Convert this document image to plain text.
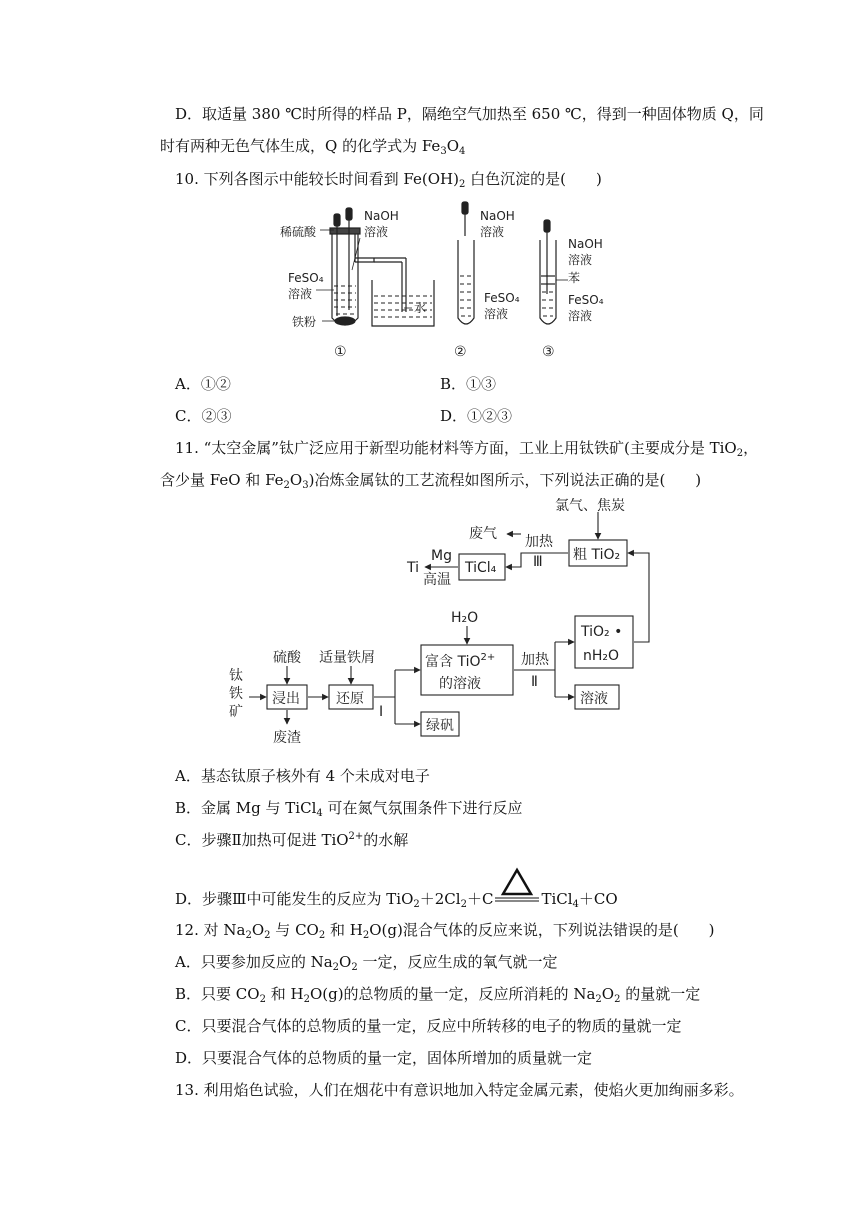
D．取适量 380 ℃时所得的样品 P，隔绝空气加热至 650 ℃，得到一种固体物质 Q，同
时有两种无色气体生成，Q 的化学式为 $Fe_3O_4$
10. 下列各图示中能较长时间看到 $Fe(OH)_2$ 白色沉淀的是(　　)
稀硫酸
NaOH
溶液
FeSO₄
溶液
铁粉
水
①
NaOH
溶液
FeSO₄
溶液
②
NaOH
溶液
苯
FeSO₄
溶液
③
A．①②	B．①③
C．②③	D．①②③
11. “太空金属”钛广泛应用于新型功能材料等方面，工业上用钛铁矿(主要成分是 TiO$_2$，
含少量 FeO 和 $Fe_2O_3$)冶炼金属钛的工艺流程如图所示，下列说法正确的是(　　)
钛
铁
矿
硫酸 适量铁屑
浸出
废渣
还原
Ⅰ
绿矾
H₂O
富含 TiO$^{2+}$
的溶液
加热
Ⅱ
TiO₂ •
nH₂O
溶液
粗 TiO₂
氯气、焦炭
加热
Ⅲ
废气
TiCl₄
Mg
高温
Ti
A．基态钛原子核外有 4 个未成对电子
B．金属 Mg 与 TiCl$_4$ 可在氮气氛围条件下进行反应
C．步骤Ⅱ加热可促进 TiO$^{2+}$的水解
D．步骤Ⅲ中可能发生的反应为 $TiO_2+2Cl_2+C$	TiCl$_4$＋CO
12. 对 $Na_2O_2$ 与 $CO_2$ 和 $H_2O(g)$混合气体的反应来说，下列说法错误的是(　　)
A．只要参加反应的 $Na_2O_2$ 一定，反应生成的氧气就一定
B．只要 $CO_2$ 和 $H_2O(g)$的总物质的量一定，反应所消耗的 $Na_2O_2$ 的量就一定
C．只要混合气体的总物质的量一定，反应中所转移的电子的物质的量就一定
D．只要混合气体的总物质的量一定，固体所增加的质量就一定
13. 利用焰色试验，人们在烟花中有意识地加入特定金属元素，使焰火更加绚丽多彩。
